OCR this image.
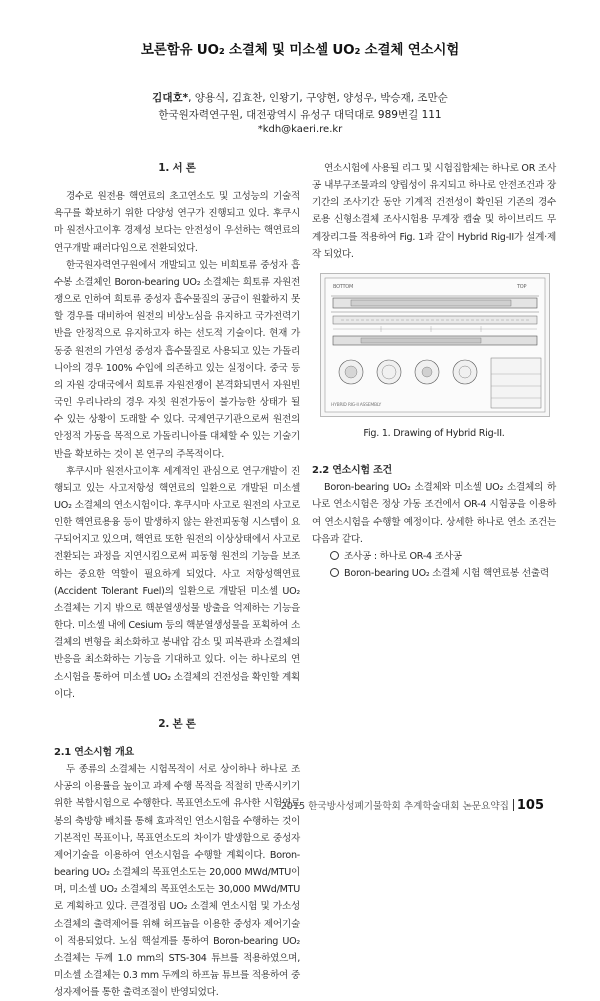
보론함유 UO₂ 소결체 및 미소셀 UO₂ 소결체 연소시험
김대호*, 양용식, 김효찬, 인왕기, 구양현, 양성우, 박승재, 조만순
한국원자력연구원, 대전광역시 유성구 대덕대로 989번길 111
*kdh@kaeri.re.kr
1. 서 론

경수로 원전용 핵연료의 초고연소도 및 고성능의 기술적 욕구를 확보하기 위한 다양성 연구가 진행되고 있다. 후쿠시마 원전사고이후 경제성 보다는 안전성이 우선하는 핵연료의 연구개발 패러다임으로 전환되었다.

한국원자력연구원에서 개발되고 있는 비희토류 중성자 흡수봉 소결체인 Boron-bearing UO₂ 소결체는 희토류 자원전쟁으로 인하여 희토류 중성자 흡수물질의 공급이 원활하지 못할 경우를 대비하여 원전의 비상노심을 유지하고 국가전력기반을 안정적으로 유지하고자 하는 선도적 기술이다. 현재 가동중 원전의 가연성 중성자 흡수물질로 사용되고 있는 가돌리니아의 경우 100% 수입에 의존하고 있는 실정이다. 중국 등의 자원 강대국에서 희토류 자원전쟁이 본격화되면서 자원빈국인 우리나라의 경우 자칫 원전가동이 불가능한 상태가 될 수 있는 상황이 도래할 수 있다. 국제연구기관으로써 원전의 안정적 가동을 목적으로 가돌리니아를 대체할 수 있는 기술기반을 확보하는 것이 본 연구의 주목적이다.

후쿠시마 원전사고이후 세계적인 관심으로 연구개발이 진행되고 있는 사고저항성 핵연료의 일환으로 개발된 미소셀 UO₂ 소결체의 연소시험이다. 후쿠시마 사고로 원전의 사고로 인한 핵연료용융 등이 발생하지 않는 완전피동형 시스템이 요구되어지고 있으며, 핵연료 또한 원전의 이상상태에서 사고로 전환되는 과정을 지연시킴으로써 피동형 원전의 기능을 보조하는 중요한 역할이 필요하게 되었다. 사고 저항성핵연료(Accident Tolerant Fuel)의 일환으로 개발된 미소셀 UO₂ 소결체는 기지 밖으로 핵분열생성물 방출을 억제하는 기능을 한다. 미소셀 내에 Cesium 등의 핵분열생성물을 포획하여 소결체의 변형을 최소화하고 봉내압 감소 및 피복관과 소결체의 반응을 최소화하는 기능을 기대하고 있다. 이는 하나로의 연소시험을 통하여 미소셀 UO₂ 소결체의 건전성을 확인할 계획이다.

2. 본 론
2.1 연소시험 개요

두 종류의 소결체는 시험목적이 서로 상이하나 하나로 조사공의 이용률을 높이고 과제 수행 목적을 적절히 만족시키기 위한 복합시험으로 수행한다. 목표연소도에 유사한 시험연료봉의 축방향 배치를 통해 효과적인 연소시험을 수행하는 것이 기본적인 목표이나, 목표연소도의 차이가 발생함으로 중성자 제어기술을 이용하여 연소시험을 수행할 계획이다. Boron-bearing UO₂ 소결체의 목표연소도는 20,000 MWd/MTU이며, 미소셀 UO₂ 소결체의 목표연소도는 30,000 MWd/MTU로 계획하고 있다. 큰결정립 UO₂ 소결체 연소시험 및 가소성 소결체의 출력제어를 위해 허프늄을 이용한 중성자 제어기술이 적용되었다. 노심 핵설계를 통하여 Boron-bearing UO₂ 소결체는 두께 1.0 mm의 STS-304 튜브를 적용하였으며, 미소셀 소결체는 0.3 mm 두께의 하프늄 튜브를 적용하여 중성자제어를 통한 출력조절이 반영되었다.

연소시험에 사용될 리그 및 시험집합체는 하나로 OR 조사공 내부구조물과의 양립성이 유지되고 하나로 안전조건과 장기간의 조사기간 동안 기계적 건전성이 확인된 기존의 경수로용 신형소결체 조사시험용 무계장 캡슐 및 하이브리드 무계장리그를 적용하여 Fig. 1과 같이 Hybrid Rig-II가 설계·제작 되었다.

BOTTOM	TOP
HYBRID RIG-II ASSEMBLY
Fig. 1. Drawing of Hybrid Rig-II.
2.2 연소시험 조건

Boron-bearing UO₂ 소결체와 미소셀 UO₂ 소결체의 하나로 연소시험은 정상 가동 조건에서 OR-4 시험공을 이용하여 연소시험을 수행할 예정이다. 상세한 하나로 연소 조건는 다음과 같다.

조사공 : 하나로 OR-4 조사공

Boron-bearing UO₂ 소결체 시험 핵연료봉 선출력

2015 한국방사성폐기물학회 추계학술대회 논문요약집 105
